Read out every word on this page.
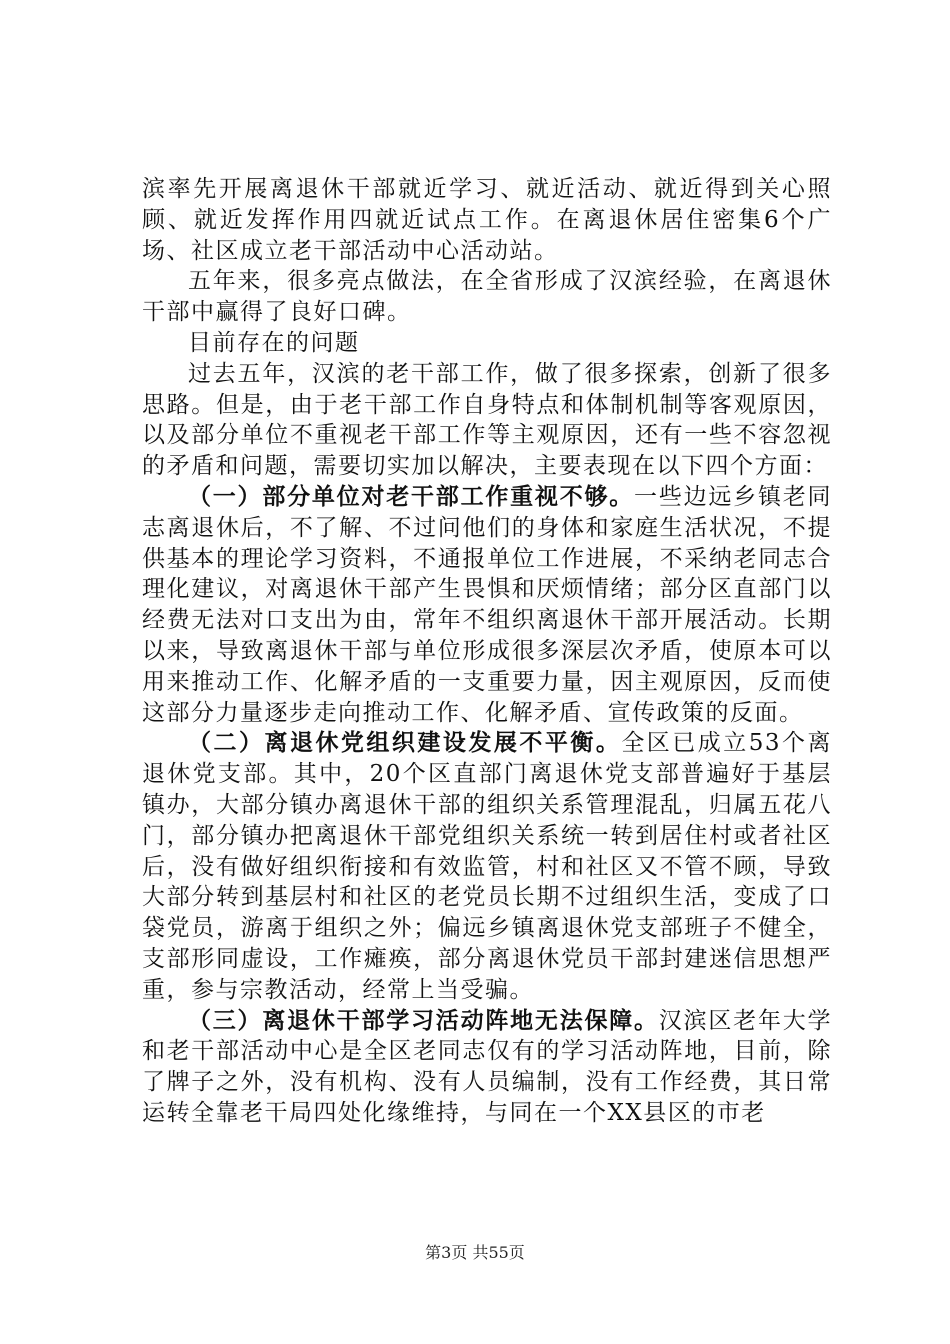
滨率先开展离退休干部就近学习、就近活动、就近得到关心照顾、就近发挥作用四就近试点工作。在离退休居住密集6个广场、社区成立老干部活动中心活动站。

五年来，很多亮点做法，在全省形成了汉滨经验，在离退休干部中赢得了良好口碑。

目前存在的问题

过去五年，汉滨的老干部工作，做了很多探索，创新了很多思路。但是，由于老干部工作自身特点和体制机制等客观原因，以及部分单位不重视老干部工作等主观原因，还有一些不容忽视的矛盾和问题，需要切实加以解决，主要表现在以下四个方面：

（一）部分单位对老干部工作重视不够。一些边远乡镇老同志离退休后，不了解、不过问他们的身体和家庭生活状况，不提供基本的理论学习资料，不通报单位工作进展，不采纳老同志合理化建议，对离退休干部产生畏惧和厌烦情绪；部分区直部门以经费无法对口支出为由，常年不组织离退休干部开展活动。长期以来，导致离退休干部与单位形成很多深层次矛盾，使原本可以用来推动工作、化解矛盾的一支重要力量，因主观原因，反而使这部分力量逐步走向推动工作、化解矛盾、宣传政策的反面。

（二）离退休党组织建设发展不平衡。全区已成立53个离退休党支部。其中，20个区直部门离退休党支部普遍好于基层镇办，大部分镇办离退休干部的组织关系管理混乱，归属五花八门，部分镇办把离退休干部党组织关系统一转到居住村或者社区后，没有做好组织衔接和有效监管，村和社区又不管不顾，导致大部分转到基层村和社区的老党员长期不过组织生活，变成了口袋党员，游离于组织之外；偏远乡镇离退休党支部班子不健全，支部形同虚设，工作瘫痪，部分离退休党员干部封建迷信思想严重，参与宗教活动，经常上当受骗。

（三）离退休干部学习活动阵地无法保障。汉滨区老年大学和老干部活动中心是全区老同志仅有的学习活动阵地，目前，除了牌子之外，没有机构、没有人员编制，没有工作经费，其日常运转全靠老干局四处化缘维持，与同在一个XX县区的市老

第3页 共55页
